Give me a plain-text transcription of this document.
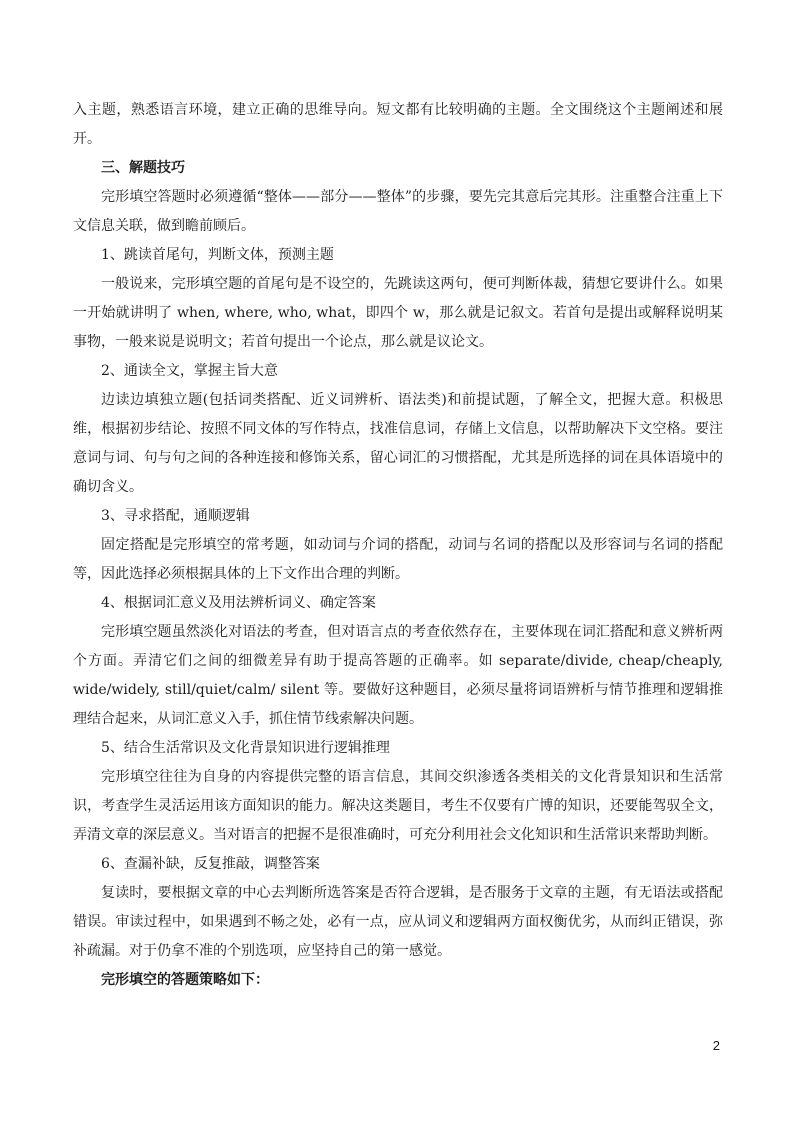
入主题，熟悉语言环境，建立正确的思维导向。短文都有比较明确的主题。全文围绕这个主题阐述和展开。

三、解题技巧

完形填空答题时必须遵循“整体——部分——整体”的步骤，要先完其意后完其形。注重整合注重上下文信息关联，做到瞻前顾后。

1、跳读首尾句，判断文体，预测主题

一般说来，完形填空题的首尾句是不设空的，先跳读这两句，便可判断体裁，猜想它要讲什么。如果一开始就讲明了 when, where, who, what，即四个 w，那么就是记叙文。若首句是提出或解释说明某事物，一般来说是说明文；若首句提出一个论点，那么就是议论文。

2、通读全文，掌握主旨大意

边读边填独立题(包括词类搭配、近义词辨析、语法类)和前提试题，了解全文，把握大意。积极思维，根据初步结论、按照不同文体的写作特点，找准信息词，存储上文信息，以帮助解决下文空格。要注意词与词、句与句之间的各种连接和修饰关系，留心词汇的习惯搭配，尤其是所选择的词在具体语境中的确切含义。

3、寻求搭配，通顺逻辑

固定搭配是完形填空的常考题，如动词与介词的搭配，动词与名词的搭配以及形容词与名词的搭配等，因此选择必须根据具体的上下文作出合理的判断。

4、根据词汇意义及用法辨析词义、确定答案

完形填空题虽然淡化对语法的考查，但对语言点的考查依然存在，主要体现在词汇搭配和意义辨析两个方面。弄清它们之间的细微差异有助于提高答题的正确率。如 separate/divide, cheap/cheaply, wide/widely, still/quiet/calm/ silent 等。要做好这种题目，必须尽量将词语辨析与情节推理和逻辑推理结合起来，从词汇意义入手，抓住情节线索解决问题。

5、结合生活常识及文化背景知识进行逻辑推理

完形填空往往为自身的内容提供完整的语言信息，其间交织渗透各类相关的文化背景知识和生活常识，考查学生灵活运用该方面知识的能力。解决这类题目，考生不仅要有广博的知识，还要能驾驭全文，弄清文章的深层意义。当对语言的把握不是很准确时，可充分利用社会文化知识和生活常识来帮助判断。

6、查漏补缺，反复推敲，调整答案

复读时，要根据文章的中心去判断所选答案是否符合逻辑，是否服务于文章的主题，有无语法或搭配错误。审读过程中，如果遇到不畅之处，必有一点，应从词义和逻辑两方面权衡优劣，从而纠正错误，弥补疏漏。对于仍拿不准的个别选项，应坚持自己的第一感觉。

完形填空的答题策略如下：

2
